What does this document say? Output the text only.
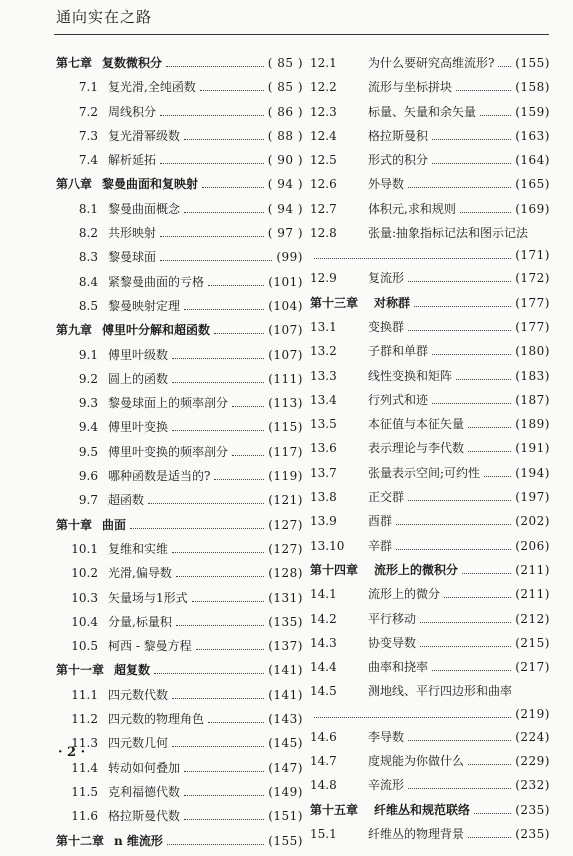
通向实在之路
第七章 复数微积分	( 85 )
7.1 复光滑,全纯函数	( 85 )
7.2 周线积分	( 86 )
7.3 复光滑幂级数	( 88 )
7.4 解析延拓	( 90 )
第八章 黎曼曲面和复映射	( 94 )
8.1 黎曼曲面概念	( 94 )
8.2 共形映射	( 97 )
8.3 黎曼球面	(99)
8.4 紧黎曼曲面的亏格	(101)
8.5 黎曼映射定理	(104)
第九章 傅里叶分解和超函数	(107)
9.1 傅里叶级数	(107)
9.2 圆上的函数	(111)
9.3 黎曼球面上的频率剖分	(113)
9.4 傅里叶变换	(115)
9.5 傅里叶变换的频率剖分	(117)
9.6 哪种函数是适当的?	(119)
9.7 超函数	(121)
第十章 曲面	(127)
10.1 复维和实维	(127)
10.2 光滑,偏导数	(128)
10.3 矢量场与1形式	(131)
10.4 分量,标量积	(135)
10.5 柯西 - 黎曼方程	(137)
第十一章 超复数	(141)
11.1 四元数代数	(141)
11.2 四元数的物理角色	(143)
11.3 四元数几何	(145)
11.4 转动如何叠加	(147)
11.5 克利福德代数	(149)
11.6 格拉斯曼代数	(151)
第十二章 n 维流形	(155)
12.1	为什么要研究高维流形? (155)
12.2	流形与坐标拼块	(158)
12.3	标量、矢量和余矢量	(159)
12.4	格拉斯曼积	(163)
12.5	形式的积分	(164)
12.6	外导数	(165)
12.7	体积元,求和规则	(169)
12.8	张量:抽象指标记法和图示记法
(171)
12.9	复流形	(172)
第十三章	对称群	(177)
13.1	变换群	(177)
13.2	子群和单群	(180)
13.3	线性变换和矩阵	(183)
13.4	行列式和迹	(187)
13.5	本征值与本征矢量	(189)
13.6	表示理论与李代数	(191)
13.7	张量表示空间;可约性	(194)
13.8	正交群	(197)
13.9	酉群	(202)
13.10	辛群	(206)
第十四章	流形上的微积分	(211)
14.1	流形上的微分	(211)
14.2	平行移动	(212)
14.3	协变导数	(215)
14.4	曲率和挠率	(217)
14.5	测地线、平行四边形和曲率
(219)
14.6	李导数	(224)
14.7	度规能为你做什么	(229)
14.8	辛流形	(232)
第十五章	纤维丛和规范联络	(235)
15.1	纤维丛的物理背景	(235)
· 2 ·
